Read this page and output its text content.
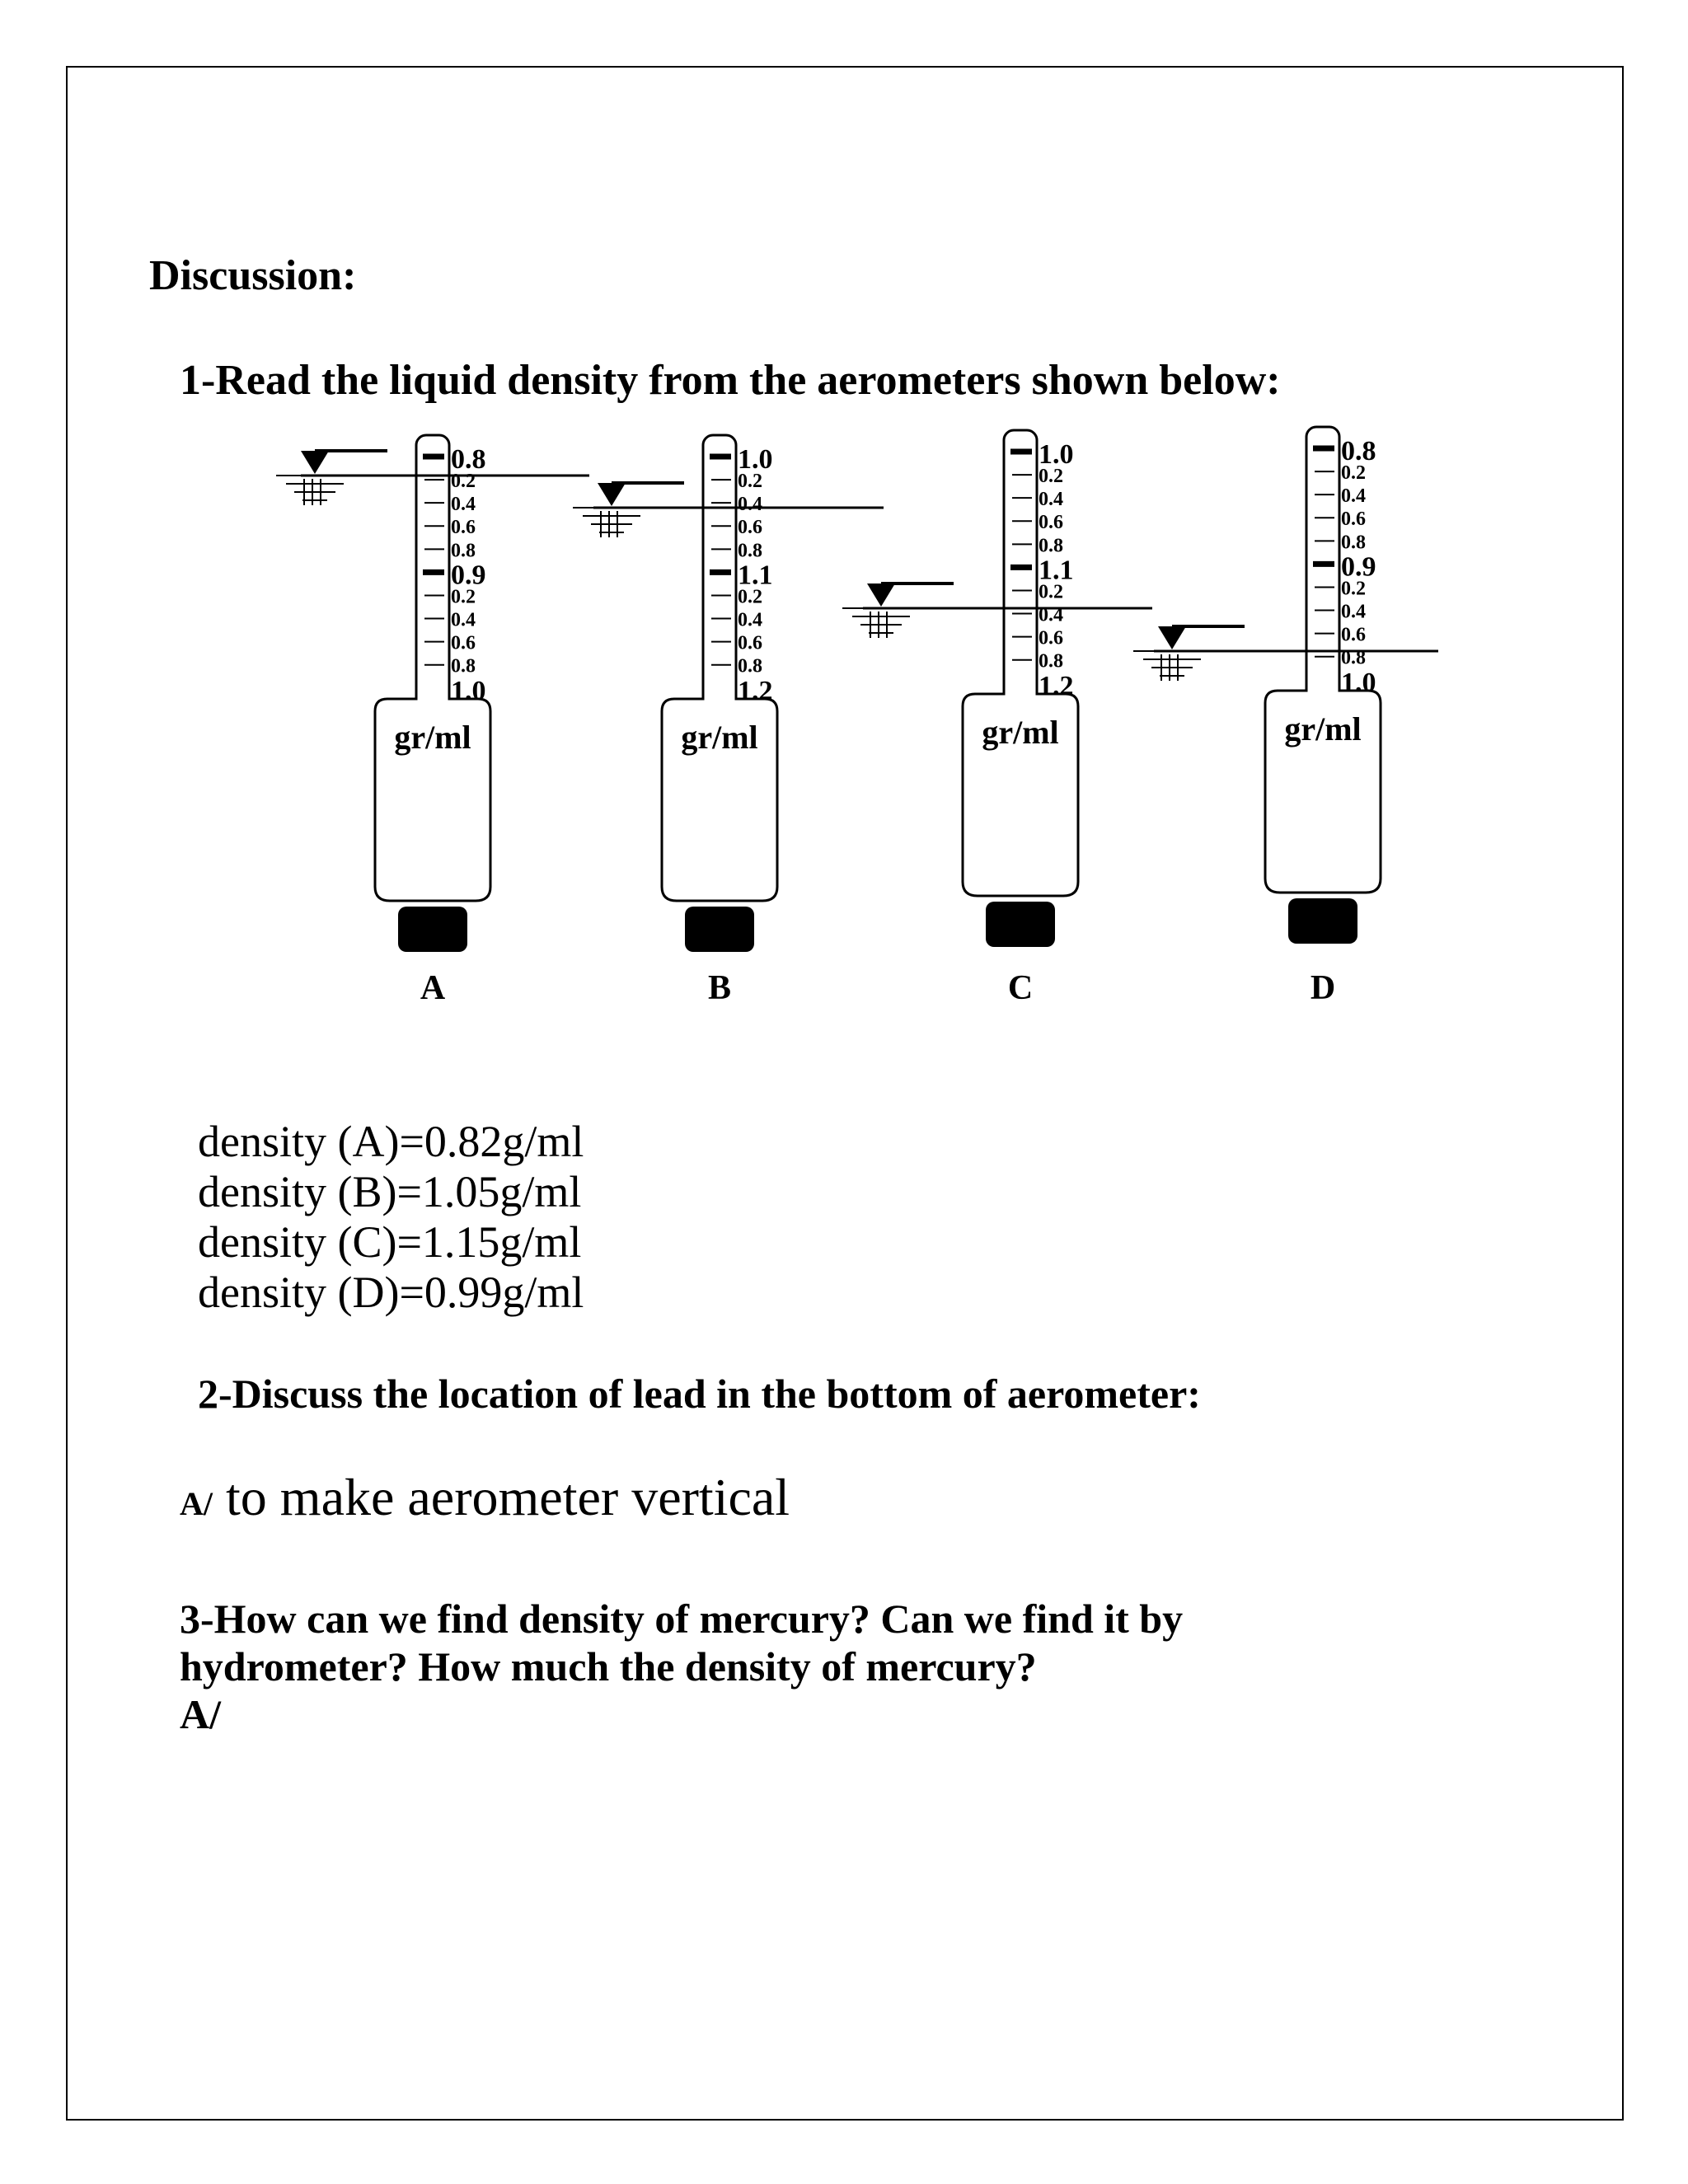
Discussion:
1-Read the liquid density from the aerometers shown below:
0.8
0.2
0.4
0.6
0.8
0.9
0.2
0.4
0.6
0.8
1.0
gr/ml
A
1.0
0.2
0.4
0.6
0.8
1.1
0.2
0.4
0.6
0.8
1.2
gr/ml
B
1.0
0.2
0.4
0.6
0.8
1.1
0.2
0.4
0.6
0.8
1.2
gr/ml
C
0.8
0.2
0.4
0.6
0.8
0.9
0.2
0.4
0.6
0.8
1.0
gr/ml
D
density (A)=0.82g/ml
density (B)=1.05g/ml
density (C)=1.15g/ml
density (D)=0.99g/ml
2-Discuss the location of lead in the bottom of aerometer:
A/ to make aerometer vertical
3-How can we find density of mercury? Can we find it by
hydrometer? How much the density of mercury?
A/
